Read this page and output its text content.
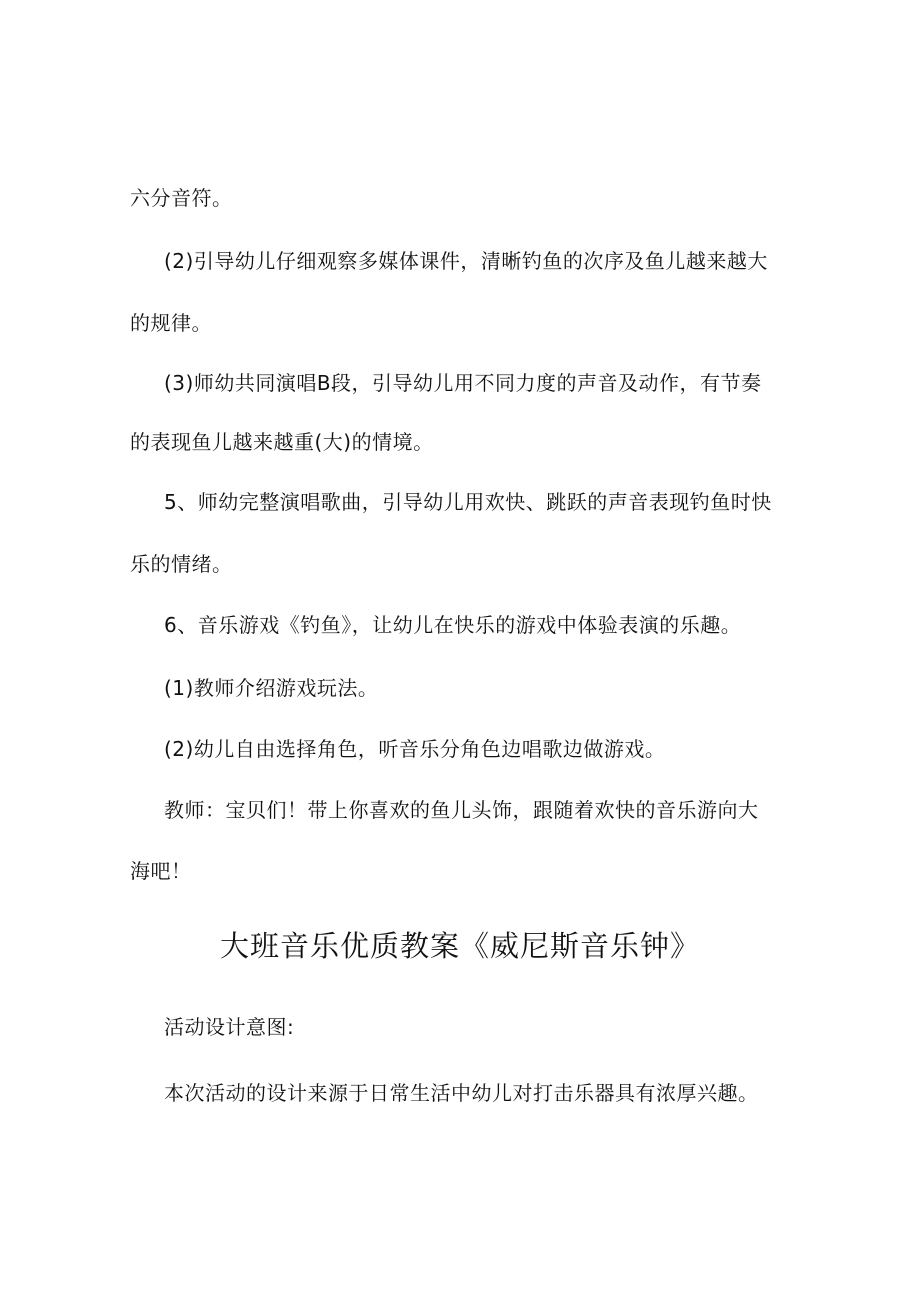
六分音符。
(2)引导幼儿仔细观察多媒体课件，清晰钓鱼的次序及鱼儿越来越大
的规律。
(3)师幼共同演唱B段，引导幼儿用不同力度的声音及动作，有节奏
的表现鱼儿越来越重(大)的情境。
5、师幼完整演唱歌曲，引导幼儿用欢快、跳跃的声音表现钓鱼时快
乐的情绪。
6、音乐游戏《钓鱼》，让幼儿在快乐的游戏中体验表演的乐趣。
(1)教师介绍游戏玩法。
(2)幼儿自由选择角色，听音乐分角色边唱歌边做游戏。
教师：宝贝们！带上你喜欢的鱼儿头饰，跟随着欢快的音乐游向大
海吧！
大班音乐优质教案《威尼斯音乐钟》
活动设计意图:
本次活动的设计来源于日常生活中幼儿对打击乐器具有浓厚兴趣。
